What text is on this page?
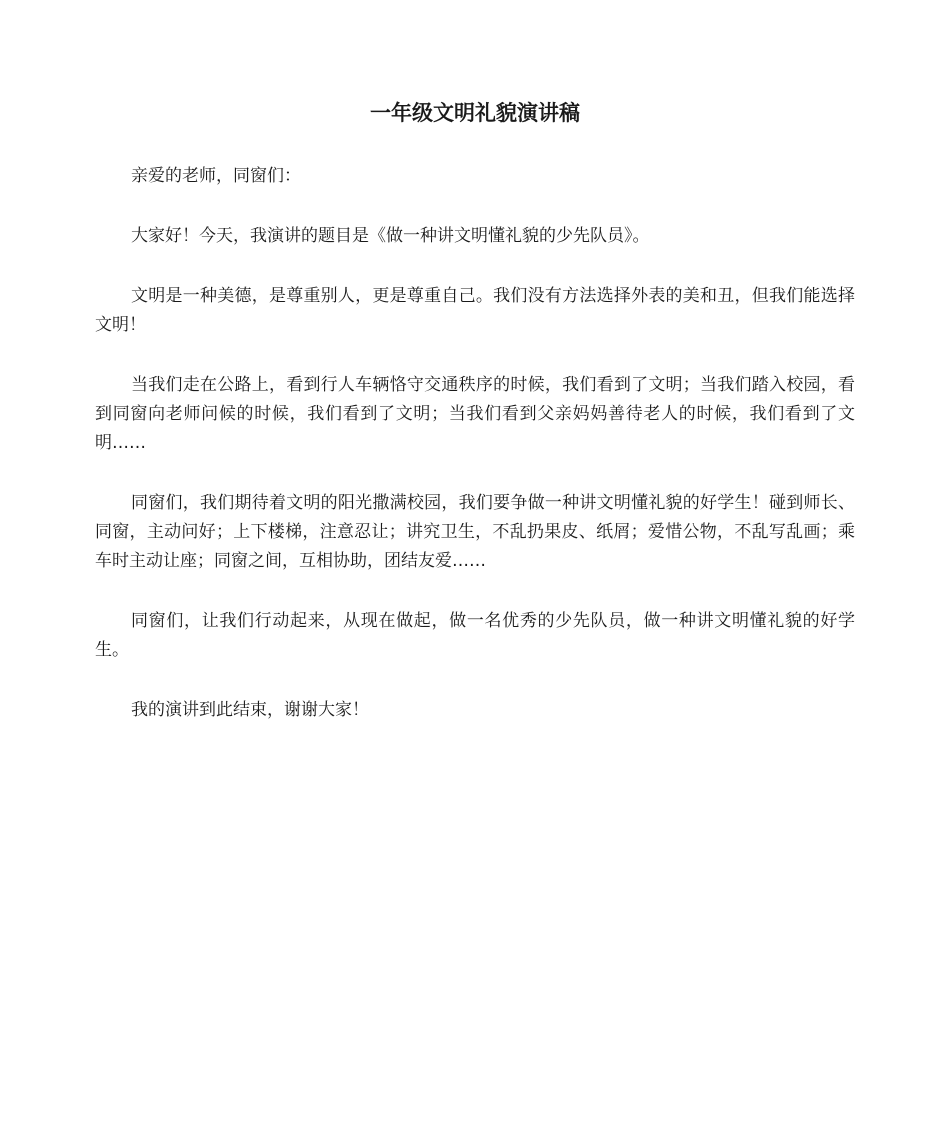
一年级文明礼貌演讲稿

亲爱的老师，同窗们：

大家好！今天，我演讲的题目是《做一种讲文明懂礼貌的少先队员》。

文明是一种美德，是尊重别人，更是尊重自己。我们没有方法选择外表的美和丑，但我们能选择文明！

当我们走在公路上，看到行人车辆恪守交通秩序的时候，我们看到了文明；当我们踏入校园，看到同窗向老师问候的时候，我们看到了文明；当我们看到父亲妈妈善待老人的时候，我们看到了文明……

同窗们，我们期待着文明的阳光撒满校园，我们要争做一种讲文明懂礼貌的好学生！碰到师长、同窗，主动问好；上下楼梯，注意忍让；讲究卫生，不乱扔果皮、纸屑；爱惜公物，不乱写乱画；乘车时主动让座；同窗之间，互相协助，团结友爱……

同窗们，让我们行动起来，从现在做起，做一名优秀的少先队员，做一种讲文明懂礼貌的好学生。

我的演讲到此结束，谢谢大家！
